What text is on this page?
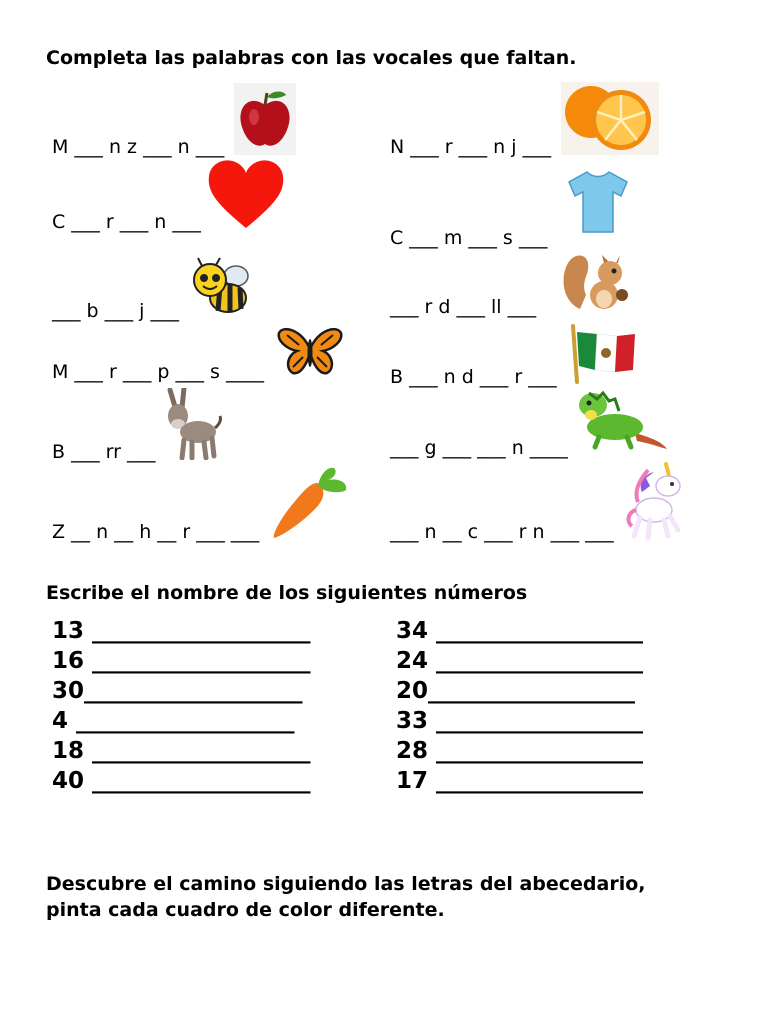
Completa las palabras con las vocales que faltan.
M ___ n z ___ n ___
C ___ r ___ n ___
___ b ___ j ___
M ___ r ___ p ___ s ____
B ___ rr ___
Z __ n __ h __ r ___ ___
N ___ r ___ n j ___
C ___ m ___ s ___
___ r d ___ ll ___
B ___ n d ___ r ___
___ g ___ ___ n ____
___ n __ c ___ r n ___ ___
Escribe el nombre de los siguientes números
13 ___________________
16 ___________________
30___________________
4 ___________________
18 ___________________
40 ___________________
34 __________________
24 __________________
20__________________
33 __________________
28 __________________
17 __________________
Descubre el camino siguiendo las letras del abecedario,
pinta cada cuadro de color diferente.
